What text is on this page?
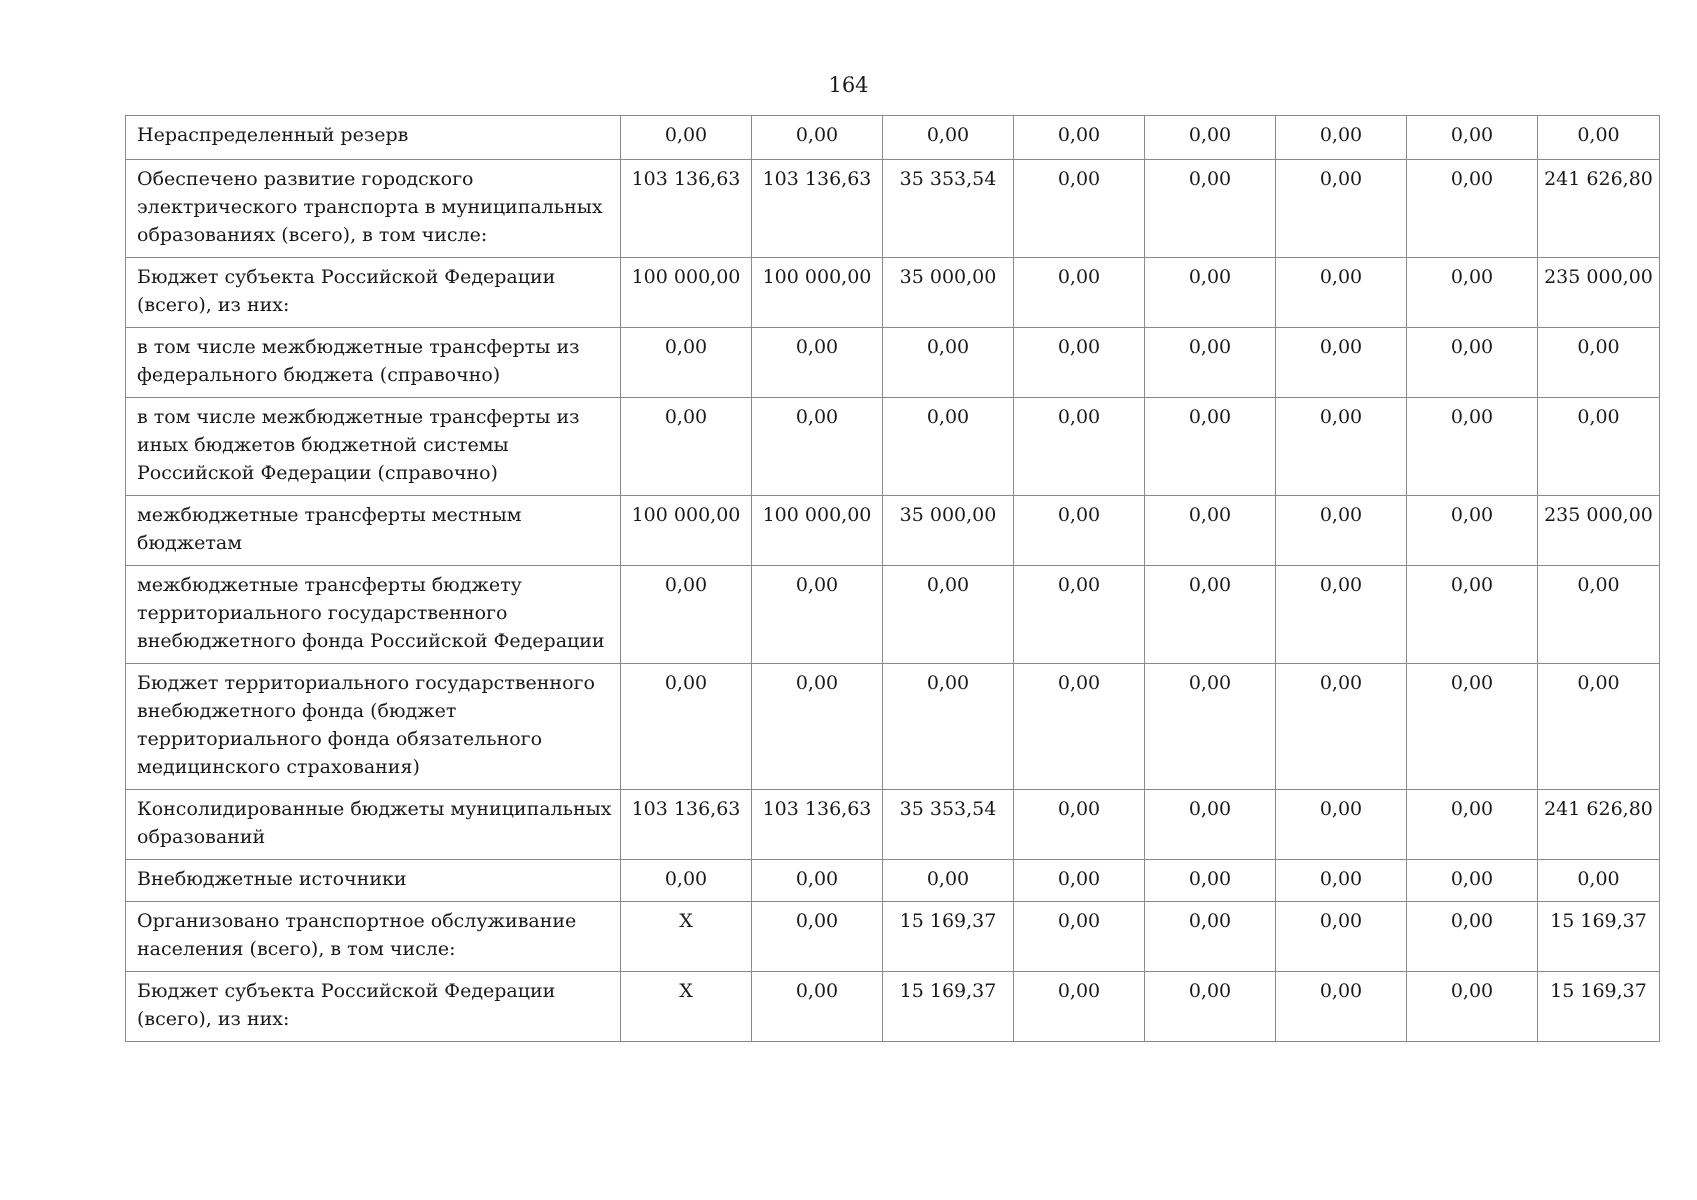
164
Нераспределенный резерв	0,00	0,00	0,00	0,00	0,00	0,00	0,00	0,00
Обеспечено развитие городского электрического транспорта в муниципальных образованиях (всего), в том числе:	103 136,63	103 136,63	35 353,54	0,00	0,00	0,00	0,00	241 626,80
Бюджет субъекта Российской Федерации (всего), из них:	100 000,00	100 000,00	35 000,00	0,00	0,00	0,00	0,00	235 000,00
в том числе межбюджетные трансферты из федерального бюджета (справочно)	0,00	0,00	0,00	0,00	0,00	0,00	0,00	0,00
в том числе межбюджетные трансферты из иных бюджетов бюджетной системы Российской Федерации (справочно)	0,00	0,00	0,00	0,00	0,00	0,00	0,00	0,00
межбюджетные трансферты местным бюджетам	100 000,00	100 000,00	35 000,00	0,00	0,00	0,00	0,00	235 000,00
межбюджетные трансферты бюджету территориального государственного внебюджетного фонда Российской Федерации	0,00	0,00	0,00	0,00	0,00	0,00	0,00	0,00
Бюджет территориального государственного внебюджетного фонда (бюджет территориального фонда обязательного медицинского страхования)	0,00	0,00	0,00	0,00	0,00	0,00	0,00	0,00
Консолидированные бюджеты муниципальных образований	103 136,63	103 136,63	35 353,54	0,00	0,00	0,00	0,00	241 626,80
Внебюджетные источники	0,00	0,00	0,00	0,00	0,00	0,00	0,00	0,00
Организовано транспортное обслуживание населения (всего), в том числе:	X	0,00	15 169,37	0,00	0,00	0,00	0,00	15 169,37
Бюджет субъекта Российской Федерации (всего), из них:	X	0,00	15 169,37	0,00	0,00	0,00	0,00	15 169,37
